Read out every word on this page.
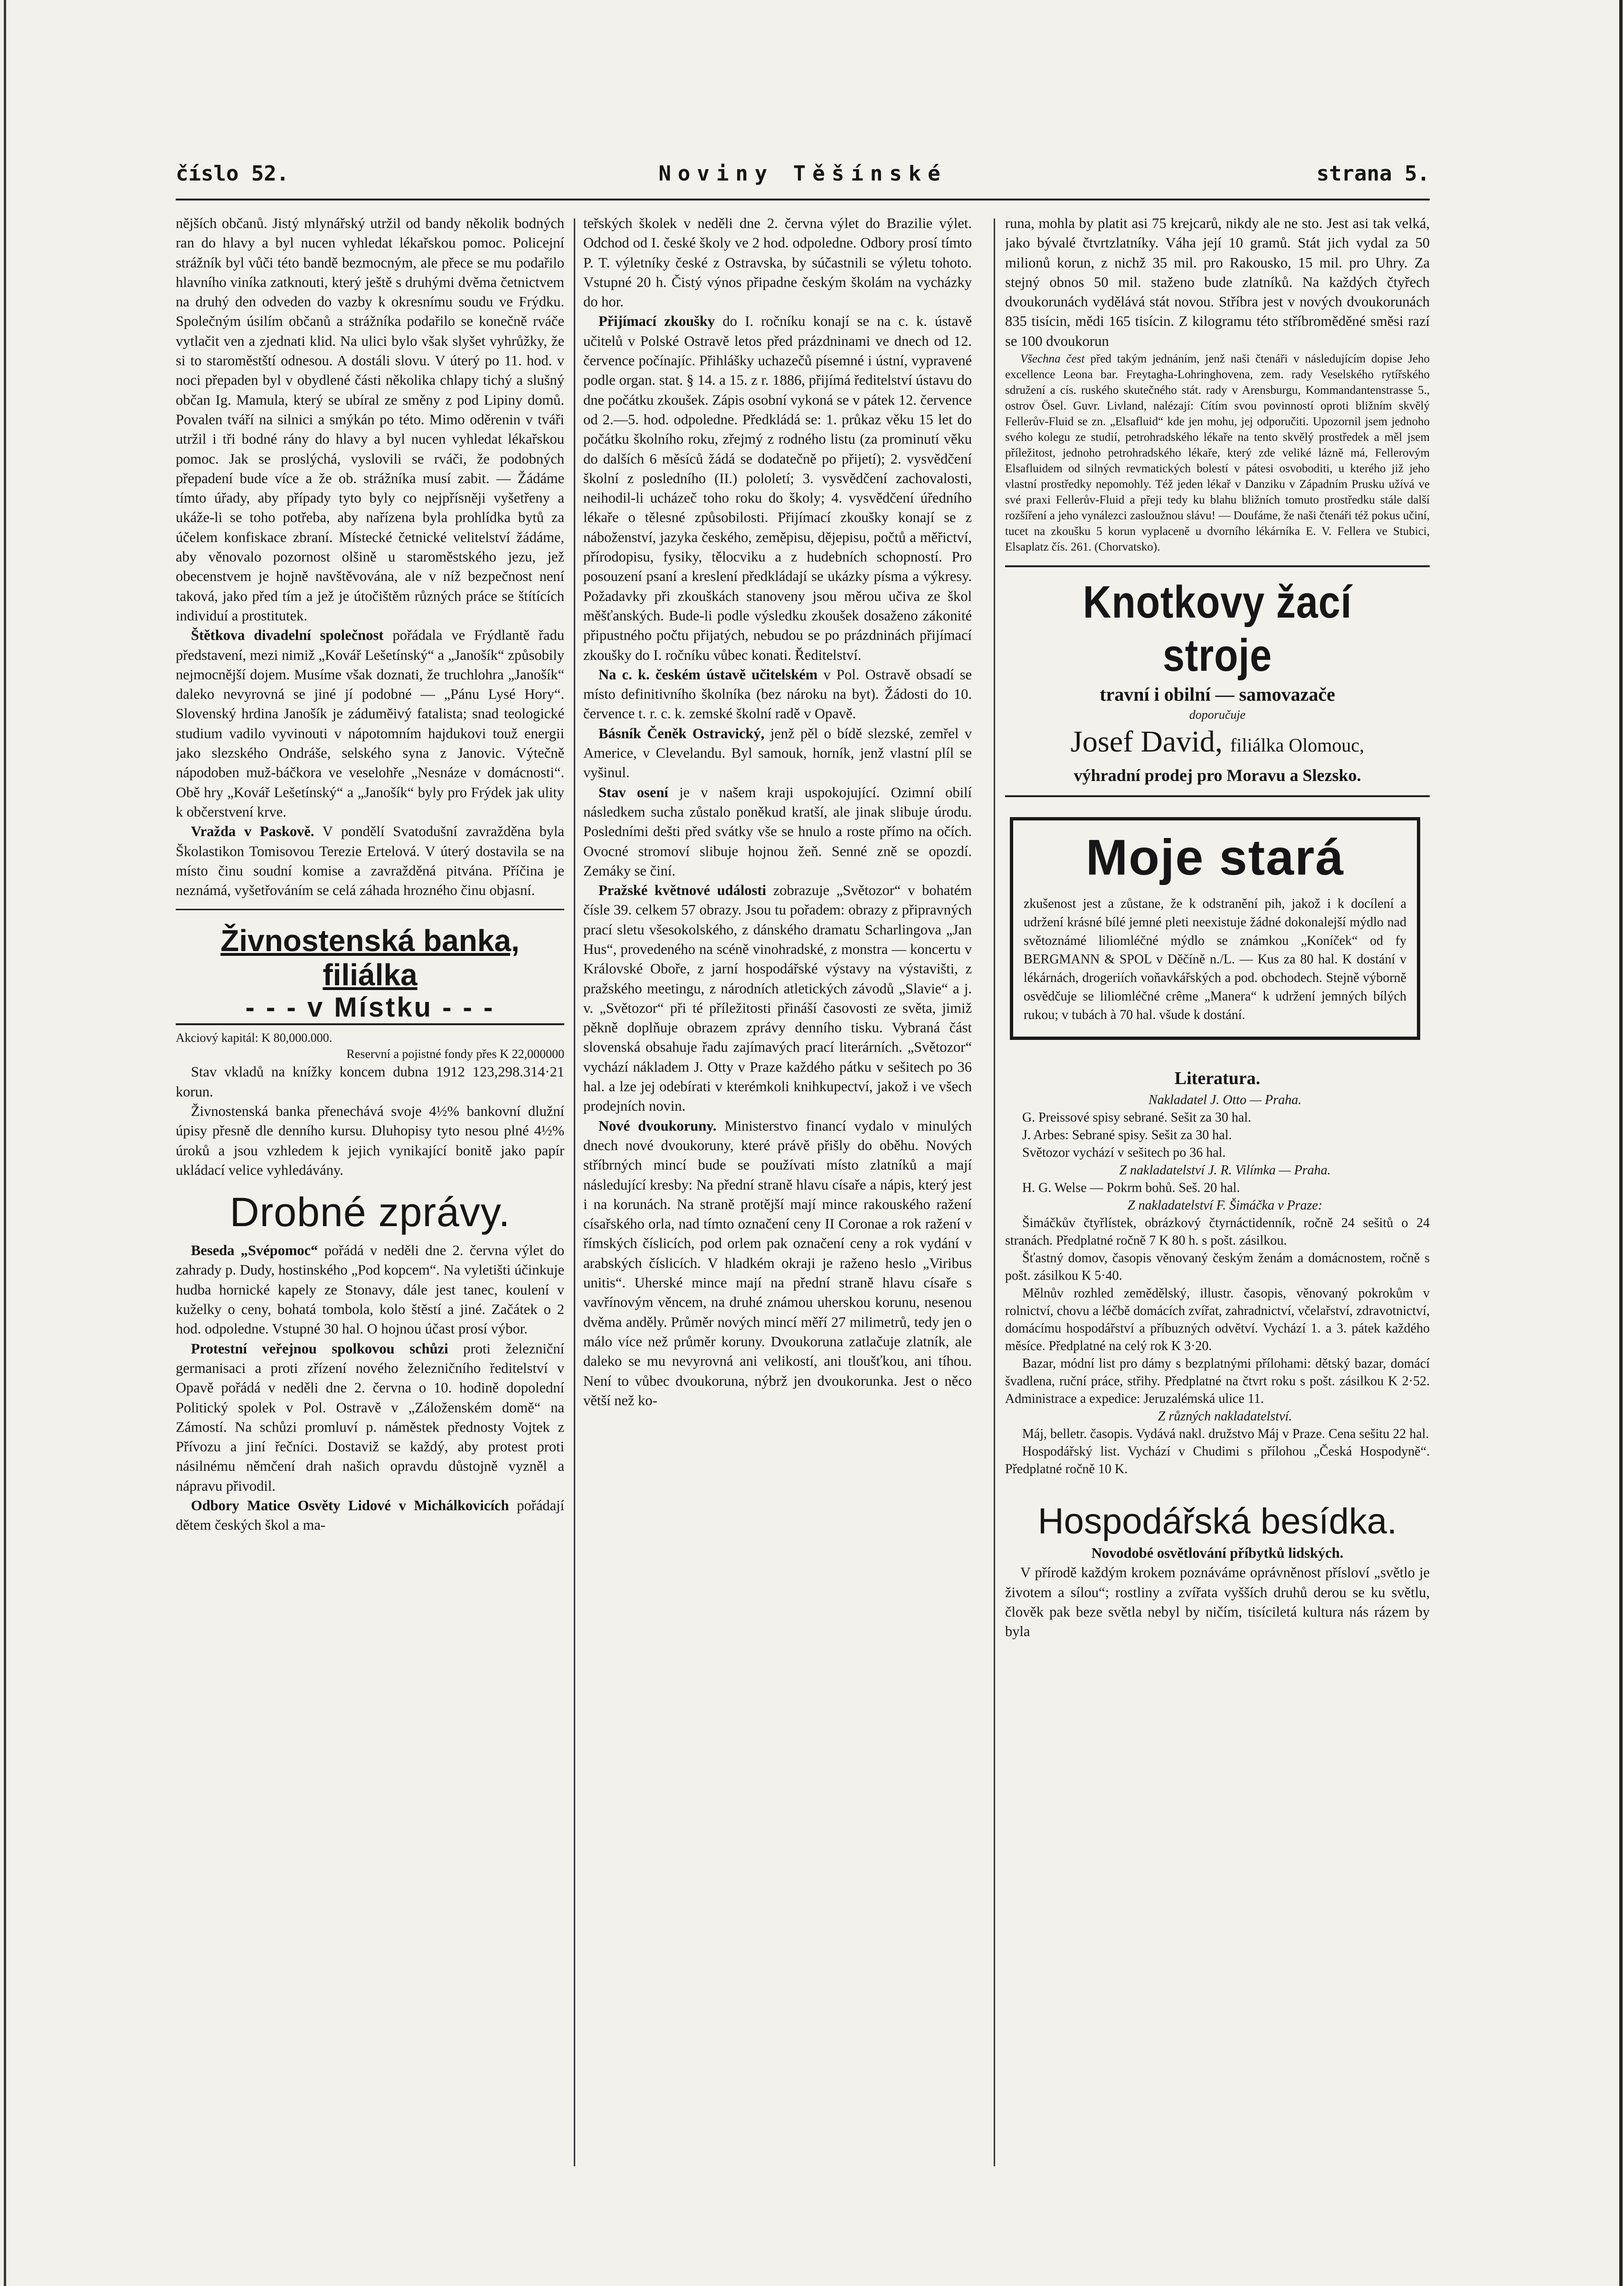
číslo 52.	Noviny Těšínské	strana 5.

nějších občanů. Jistý mlynářský utržil od bandy několik bodných ran do hlavy a byl nucen vyhledat lékařskou pomoc. Policejní strážník byl vůči této bandě bezmocným, ale přece se mu podařilo hlavního viníka zatknouti, který ještě s druhými dvěma četnictvem na druhý den odveden do vazby k okresnímu soudu ve Frýdku. Společným úsilím občanů a strážníka podařilo se konečně rváče vytlačit ven a zjednati klid. Na ulici bylo však slyšet vyhrůžky, že si to staroměstští odnesou. A dostáli slovu. V úterý po 11. hod. v noci přepaden byl v obydlené části několika chlapy tichý a slušný občan Ig. Mamula, který se ubíral ze směny z pod Lipiny domů. Povalen tváří na silnici a smýkán po této. Mimo oděrenin v tváři utržil i tři bodné rány do hlavy a byl nucen vyhledat lékařskou pomoc. Jak se proslýchá, vyslovili se rváči, že podobných přepadení bude více a že ob. strážníka musí zabit. — Žádáme tímto úřady, aby případy tyto byly co nejpřísněji vyšetřeny a ukáže-li se toho potřeba, aby nařízena byla prohlídka bytů za účelem konfiskace zbraní. Místecké četnické velitelství žádáme, aby věnovalo pozornost olšině u staroměstského jezu, jež obecenstvem je hojně navštěvována, ale v níž bezpečnost není taková, jako před tím a jež je útočištěm různých práce se štítících individuí a prostitutek.

Štětkova divadelní společnost pořádala ve Frýdlantě řadu představení, mezi nimiž „Kovář Lešetínský“ a „Janošík“ způsobily nejmocnější dojem. Musíme však doznati, že truchlohra „Janošík“ daleko nevyrovná se jiné jí podobné — „Pánu Lysé Hory“. Slovenský hrdina Janošík je záduměivý fatalista; snad teologické studium vadilo vyvinouti v nápotomním hajdukovi touž energii jako slezského Ondráše, selského syna z Janovic. Výtečně nápodoben muž-báčkora ve veselohře „Nesnáze v domácnosti“. Obě hry „Kovář Lešetínský“ a „Janošík“ byly pro Frýdek jak ulity k občerstvení krve.

Vražda v Paskově. V pondělí Svatodušní zavražděna byla Školastikon Tomisovou Terezie Ertelová. V úterý dostavila se na místo činu soudní komise a zavražděná pitvána. Příčina je neznámá, vyšetřováním se celá záhada hrozného činu objasní.

Živnostenská banka, filiálka
- - - v Místku - - -
Akciový kapitál: K 80,000.000.
Reservní a pojistné fondy přes K 22,000000

Stav vkladů na knížky koncem dubna 1912 123,298.314·21 korun.

Živnostenská banka přenechává svoje 4½% bankovní dlužní úpisy přesně dle denního kursu. Dluhopisy tyto nesou plné 4½% úroků a jsou vzhledem k jejich vynikající bonitě jako papír ukládací velice vyhledávány.

Drobné zprávy.

Beseda „Svépomoc“ pořádá v neděli dne 2. června výlet do zahrady p. Dudy, hostinského „Pod kopcem“. Na vyletišti účinkuje hudba hornické kapely ze Stonavy, dále jest tanec, koulení v kuželky o ceny, bohatá tombola, kolo štěstí a jiné. Začátek o 2 hod. odpoledne. Vstupné 30 hal. O hojnou účast prosí výbor.

Protestní veřejnou spolkovou schůzi proti železniční germanisaci a proti zřízení nového železničního ředitelství v Opavě pořádá v neděli dne 2. června o 10. hodině dopolední Politický spolek v Pol. Ostravě v „Záloženském domě“ na Zámostí. Na schůzi promluví p. náměstek přednosty Vojtek z Přívozu a jiní řečníci. Dostaviž se každý, aby protest proti násilnému němčení drah našich opravdu důstojně vyzněl a nápravu přivodil.

Odbory Matice Osvěty Lidové v Michálkovicích pořádají dětem českých škol a ma-

teřských školek v neděli dne 2. června výlet do Brazilie výlet. Odchod od I. české školy ve 2 hod. odpoledne. Odbory prosí tímto P. T. výletníky české z Ostravska, by súčastnili se výletu tohoto. Vstupné 20 h. Čistý výnos připadne českým školám na vycházky do hor.

Přijímací zkoušky do I. ročníku konají se na c. k. ústavě učitelů v Polské Ostravě letos před prázdninami ve dnech od 12. července počínajíc. Přihlášky uchazečů písemné i ústní, vypravené podle organ. stat. § 14. a 15. z r. 1886, přijímá ředitelství ústavu do dne počátku zkoušek. Zápis osobní vykoná se v pátek 12. července od 2.—5. hod. odpoledne. Předkládá se: 1. průkaz věku 15 let do počátku školního roku, zřejmý z rodného listu (za prominutí věku do dalších 6 měsíců žádá se dodatečně po přijetí); 2. vysvědčení školní z posledního (II.) pololetí; 3. vysvědčení zachovalosti, neihodil-li ucházeč toho roku do školy; 4. vysvědčení úředního lékaře o tělesné způsobilosti. Přijímací zkoušky konají se z náboženství, jazyka českého, zeměpisu, dějepisu, počtů a měřictví, přírodopisu, fysiky, tělocviku a z hudebních schopností. Pro posouzení psaní a kreslení předkládají se ukázky písma a výkresy. Požadavky při zkouškách stanoveny jsou měrou učiva ze škol měšťanských. Bude-li podle výsledku zkoušek dosaženo zákonité připustného počtu přijatých, nebudou se po prázdninách přijímací zkoušky do I. ročníku vůbec konati. Ředitelství.

Na c. k. českém ústavě učitelském v Pol. Ostravě obsadí se místo definitivního školníka (bez nároku na byt). Žádosti do 10. července t. r. c. k. zemské školní radě v Opavě.

Básník Čeněk Ostravický, jenž pěl o bídě slezské, zemřel v Americe, v Clevelandu. Byl samouk, horník, jenž vlastní plíl se vyšinul.

Stav osení je v našem kraji uspokojující. Ozimní obilí následkem sucha zůstalo poněkud kratší, ale jinak slibuje úrodu. Posledními dešti před svátky vše se hnulo a roste přímo na očích. Ovocné stromoví slibuje hojnou žeň. Senné zně se opozdí. Zemáky se činí.

Pražské květnové události zobrazuje „Světozor“ v bohatém čísle 39. celkem 57 obrazy. Jsou tu pořadem: obrazy z připravných prací sletu všesokolského, z dánského dramatu Scharlingova „Jan Hus“, provedeného na scéně vinohradské, z monstra — koncertu v Královské Oboře, z jarní hospodářské výstavy na výstavišti, z pražského meetingu, z národních atletických závodů „Slavie“ a j. v. „Světozor“ při té příležitosti přináší časovosti ze světa, jimiž pěkně doplňuje obrazem zprávy denního tisku. Vybraná část slovenská obsahuje řadu zajímavých prací literárních. „Světozor“ vychází nákladem J. Otty v Praze každého pátku v sešitech po 36 hal. a lze jej odebírati v kterémkoli knihkupectví, jakož i ve všech prodejních novin.

Nové dvoukoruny. Ministerstvo financí vydalo v minulých dnech nové dvoukoruny, které právě přišly do oběhu. Nových stříbrných mincí bude se používati místo zlatníků a mají následující kresby: Na přední straně hlavu císaře a nápis, který jest i na korunách. Na straně protější mají mince rakouského ražení císařského orla, nad tímto označení ceny II Coronae a rok ražení v římských číslicích, pod orlem pak označení ceny a rok vydání v arabských číslicích. V hladkém okraji je raženo heslo „Viribus unitis“. Uherské mince mají na přední straně hlavu císaře s vavřínovým věncem, na druhé známou uherskou korunu, nesenou dvěma anděly. Průměr nových mincí měří 27 milimetrů, tedy jen o málo více než průměr koruny. Dvoukoruna zatlačuje zlatník, ale daleko se mu nevyrovná ani velikostí, ani tloušťkou, ani tíhou. Není to vůbec dvoukoruna, nýbrž jen dvoukorunka. Jest o něco větší než ko-

runa, mohla by platit asi 75 krejcarů, nikdy ale ne sto. Jest asi tak velká, jako bývalé čtvrtzlatníky. Váha její 10 gramů. Stát jich vydal za 50 milionů korun, z nichž 35 mil. pro Rakousko, 15 mil. pro Uhry. Za stejný obnos 50 mil. staženo bude zlatníků. Na každých čtyřech dvoukorunách vydělává stát novou. Stříbra jest v nových dvoukorunách 835 tisícin, mědi 165 tisícin. Z kilogramu této stříbroměděné směsi razí se 100 dvoukorun

Všechna čest před takým jednáním, jenž naši čtenáři v následujícím dopise Jeho excellence Leona bar. Freytagha-Lohringhovena, zem. rady Veselského rytířského sdružení a cís. ruského skutečného stát. rady v Arensburgu, Kommandantenstrasse 5., ostrov Ösel. Guvr. Livland, nalézají: Cítím svou povinností oproti bližním skvělý Fellerův-Fluid se zn. „Elsafluid“ kde jen mohu, jej odporučiti. Upozornil jsem jednoho svého kolegu ze studií, petrohradského lékaře na tento skvělý prostředek a měl jsem příležitost, jednoho petrohradského lékaře, který zde veliké lázně má, Fellerovým Elsafluidem od silných revmatických bolestí v pátesi osvoboditi, u kterého již jeho vlastní prostředky nepomohly. Též jeden lékař v Danziku v Západním Prusku užívá ve své praxi Fellerův-Fluid a přeji tedy ku blahu bližních tomuto prostředku stále další rozšíření a jeho vynálezci zasloužnou slávu! — Doufáme, že naši čtenáři též pokus učiní, tucet na zkoušku 5 korun vyplaceně u dvorního lékárníka E. V. Fellera ve Stubici, Elsaplatz čís. 261. (Chorvatsko).

Knotkovy žací stroje
travní i obilní — samovazače
doporučuje
Josef David, filiálka Olomouc,
výhradní prodej pro Moravu a Slezsko.
Moje stará

zkušenost jest a zůstane, že k odstranění pih, jakož i k docílení a udržení krásné bílé jemné pleti neexistuje žádné dokonalejší mýdlo nad světoznámé liliomléčné mýdlo se známkou „Koníček“ od fy BERGMANN & SPOL v Děčíně n./L. — Kus za 80 hal. K dostání v lékárnách, drogeriích voňavkářských a pod. obchodech. Stejně výborně osvědčuje se liliomléčné crême „Manera“ k udržení jemných bílých rukou; v tubách à 70 hal. všude k dostání.

Literatura.

Nakladatel J. Otto — Praha.

G. Preissové spisy sebrané. Sešit za 30 hal.

J. Arbes: Sebrané spisy. Sešit za 30 hal.

Světozor vychází v sešitech po 36 hal.

Z nakladatelství J. R. Vilímka — Praha.

H. G. Welse — Pokrm bohů. Seš. 20 hal.

Z nakladatelství F. Šimáčka v Praze:

Šimáčkův čtyřlístek, obrázkový čtyrnáctidenník, ročně 24 sešitů o 24 stranách. Předplatné ročně 7 K 80 h. s pošt. zásilkou.

Šťastný domov, časopis věnovaný českým ženám a domácnostem, ročně s pošt. zásilkou K 5·40.

Mělnův rozhled zemědělský, illustr. časopis, věnovaný pokrokům v rolnictví, chovu a léčbě domácích zvířat, zahradnictví, včelařství, zdravotnictví, domácímu hospodářství a příbuzných odvětví. Vychází 1. a 3. pátek každého měsíce. Předplatné na celý rok K 3·20.

Bazar, módní list pro dámy s bezplatnými přílohami: dětský bazar, domácí švadlena, ruční práce, střihy. Předplatné na čtvrt roku s pošt. zásilkou K 2·52. Administrace a expedice: Jeruzalémská ulice 11.

Z různých nakladatelství.

Máj, belletr. časopis. Vydává nakl. družstvo Máj v Praze. Cena sešitu 22 hal.

Hospodářský list. Vychází v Chudimi s přílohou „Česká Hospodyně“. Předplatné ročně 10 K.

Hospodářská besídka.

Novodobé osvětlování příbytků lidských.

V přírodě každým krokem poznáváme oprávněnost přísloví „světlo je životem a sílou“; rostliny a zvířata vyšších druhů derou se ku světlu, člověk pak beze světla nebyl by ničím, tisíciletá kultura nás rázem by byla
